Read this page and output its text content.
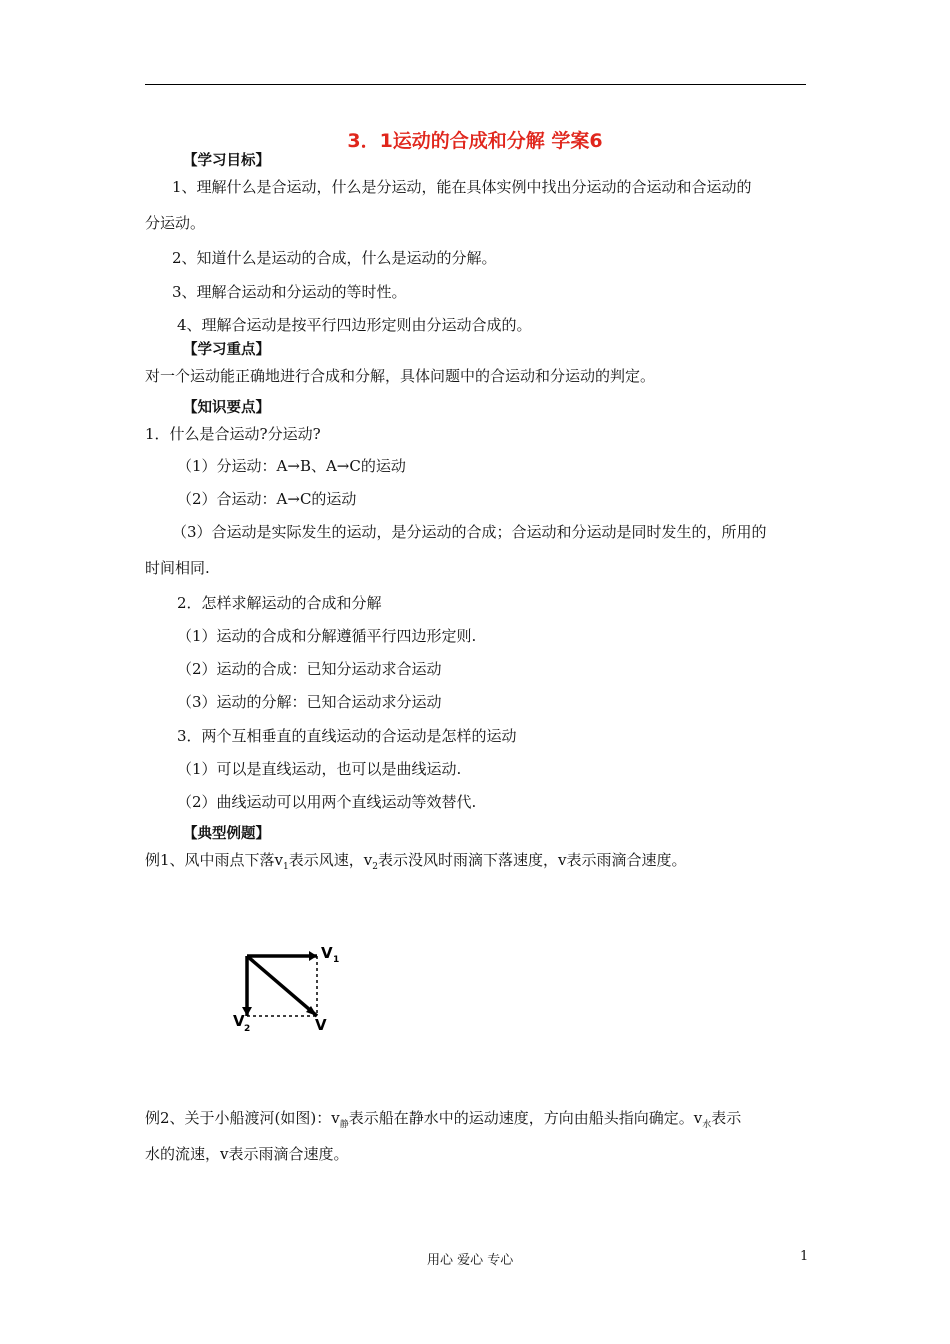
3．1运动的合成和分解 学案6
【学习目标】
1、理解什么是合运动，什么是分运动，能在具体实例中找出分运动的合运动和合运动的
分运动。
2、知道什么是运动的合成，什么是运动的分解。
3、理解合运动和分运动的等时性。
4、理解合运动是按平行四边形定则由分运动合成的。
【学习重点】
对一个运动能正确地进行合成和分解，具体问题中的合运动和分运动的判定。
【知识要点】
1．什么是合运动?分运动?
（1）分运动：A→B、A→C的运动
（2）合运动：A→C的运动
（3）合运动是实际发生的运动，是分运动的合成；合运动和分运动是同时发生的，所用的
时间相同.
2．怎样求解运动的合成和分解
（1）运动的合成和分解遵循平行四边形定则.
（2）运动的合成：已知分运动求合运动
（3）运动的分解：已知合运动求分运动
3．两个互相垂直的直线运动的合运动是怎样的运动
（1）可以是直线运动，也可以是曲线运动.
（2）曲线运动可以用两个直线运动等效替代.
【典型例题】
例1、风中雨点下落$v_1$表示风速，$v_2$表示没风时雨滴下落速度，v表示雨滴合速度。
V 1
V 2	V
例2、关于小船渡河(如图)：$v_静$表示船在静水中的运动速度，方向由船头指向确定。$v_水$表示
水的流速，v表示雨滴合速度。
用心 爱心 专心	1
